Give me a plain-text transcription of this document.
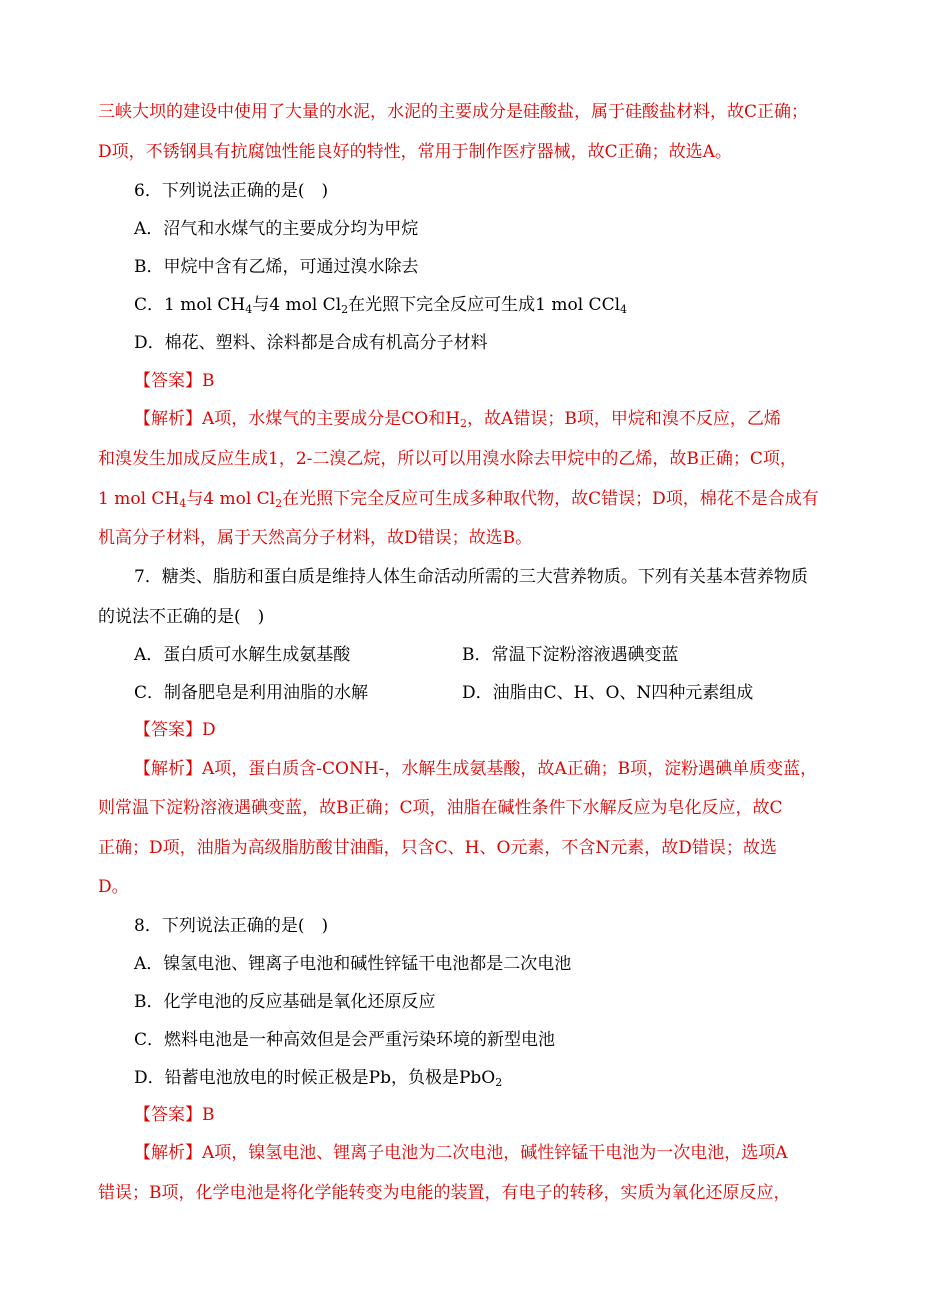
三峡大坝的建设中使用了大量的水泥，水泥的主要成分是硅酸盐，属于硅酸盐材料，故C正确；
D项，不锈钢具有抗腐蚀性能良好的特性，常用于制作医疗器械，故C正确；故选A。
6．下列说法正确的是(　)
A．沼气和水煤气的主要成分均为甲烷
B．甲烷中含有乙烯，可通过溴水除去
C．1 mol $CH_4$与4 mol $Cl_2$在光照下完全反应可生成1 mol CCl$_4$
D．棉花、塑料、涂料都是合成有机高分子材料
【答案】B
【解析】A项，水煤气的主要成分是CO和$H_2$，故A错误；B项，甲烷和溴不反应，乙烯
和溴发生加成反应生成1，2-二溴乙烷，所以可以用溴水除去甲烷中的乙烯，故B正确；C项，
1 mol $CH_4$与4 mol $Cl_2$在光照下完全反应可生成多种取代物，故C错误；D项，棉花不是合成有
机高分子材料，属于天然高分子材料，故D错误；故选B。
7．糖类、脂肪和蛋白质是维持人体生命活动所需的三大营养物质。下列有关基本营养物质
的说法不正确的是(　)
A．蛋白质可水解生成氨基酸	B．常温下淀粉溶液遇碘变蓝
C．制备肥皂是利用油脂的水解	D．油脂由C、H、O、N四种元素组成
【答案】D
【解析】A项，蛋白质含-CONH-，水解生成氨基酸，故A正确；B项，淀粉遇碘单质变蓝，
则常温下淀粉溶液遇碘变蓝，故B正确；C项，油脂在碱性条件下水解反应为皂化反应，故C
正确；D项，油脂为高级脂肪酸甘油酯，只含C、H、O元素，不含N元素，故D错误；故选
D。
8．下列说法正确的是(　)
A．镍氢电池、锂离子电池和碱性锌锰干电池都是二次电池
B．化学电池的反应基础是氧化还原反应
C．燃料电池是一种高效但是会严重污染环境的新型电池
D．铅蓄电池放电的时候正极是Pb，负极是PbO$_2$
【答案】B
【解析】A项，镍氢电池、锂离子电池为二次电池，碱性锌锰干电池为一次电池，选项A
错误；B项，化学电池是将化学能转变为电能的装置，有电子的转移，实质为氧化还原反应，
